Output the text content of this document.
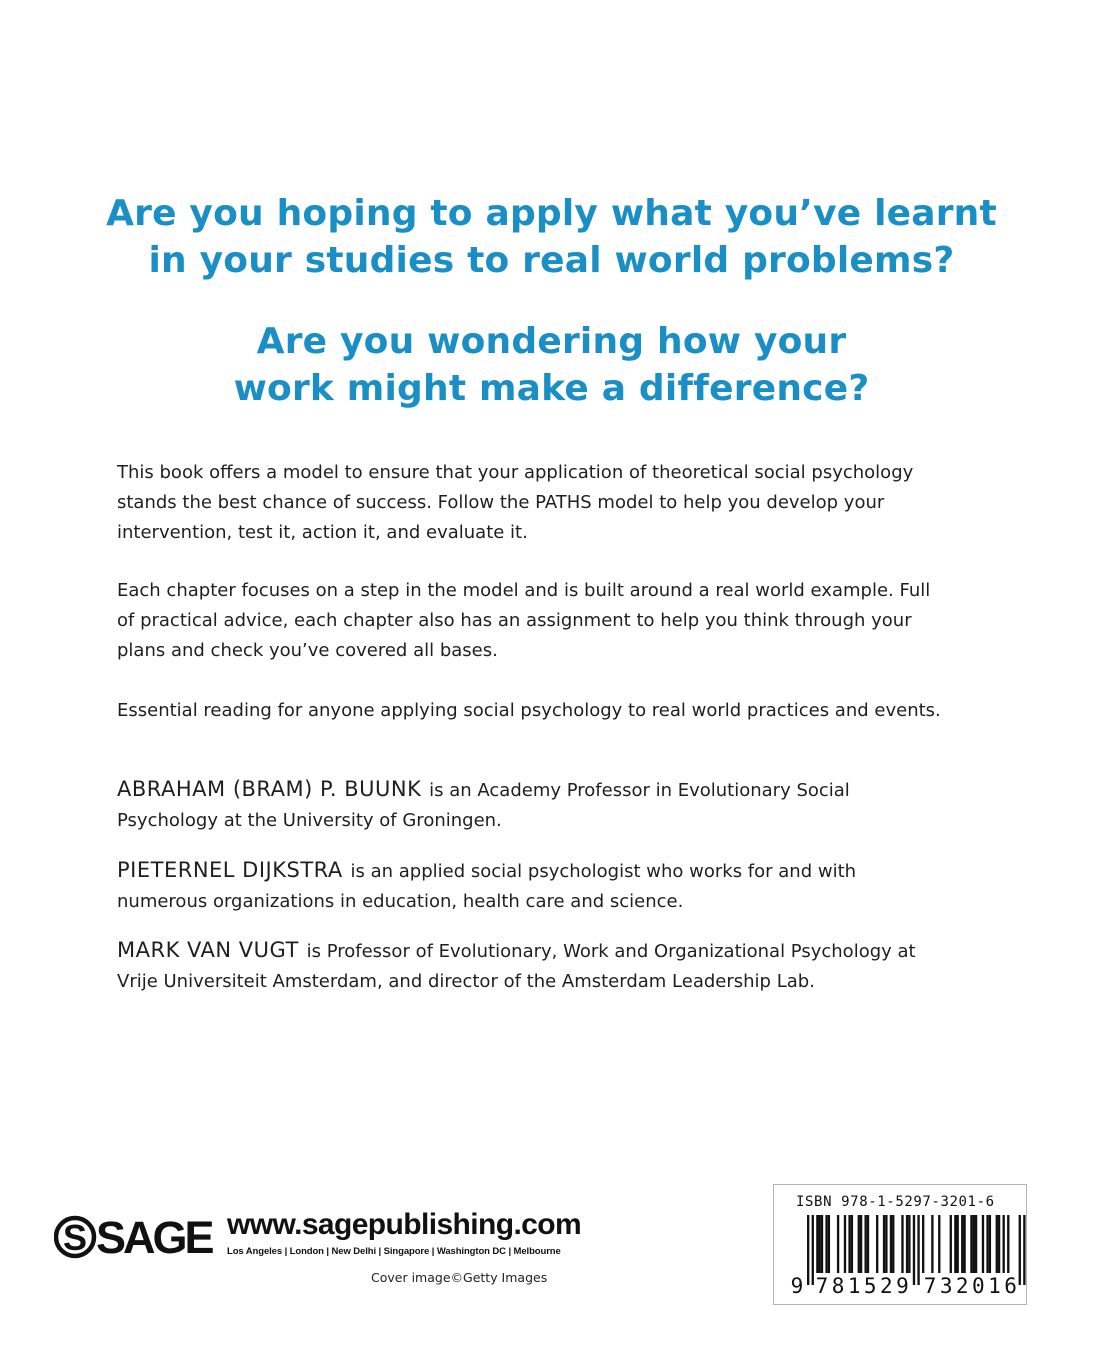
Are you hoping to apply what you’ve learnt
in your studies to real world problems?
Are you wondering how your
work might make a difference?
This book offers a model to ensure that your application of theoretical social psychology
stands the best chance of success. Follow the PATHS model to help you develop your
intervention, test it, action it, and evaluate it.
Each chapter focuses on a step in the model and is built around a real world example. Full
of practical advice, each chapter also has an assignment to help you think through your
plans and check you’ve covered all bases.
Essential reading for anyone applying social psychology to real world practices and events.
ABRAHAM (BRAM) P. BUUNK is an Academy Professor in Evolutionary Social
Psychology at the University of Groningen.
PIETERNEL DIJKSTRA is an applied social psychologist who works for and with
numerous organizations in education, health care and science.
MARK VAN VUGT is Professor of Evolutionary, Work and Organizational Psychology at
Vrije Universiteit Amsterdam, and director of the Amsterdam Leadership Lab.
S SAGE www.sagepublishing.com
Los Angeles | London | New Delhi | Singapore | Washington DC | Melbourne
Cover image©Getty Images
ISBN 978-1-5297-3201-6
9 7 8 1 5 2 9 7 3 2 0 1 6
